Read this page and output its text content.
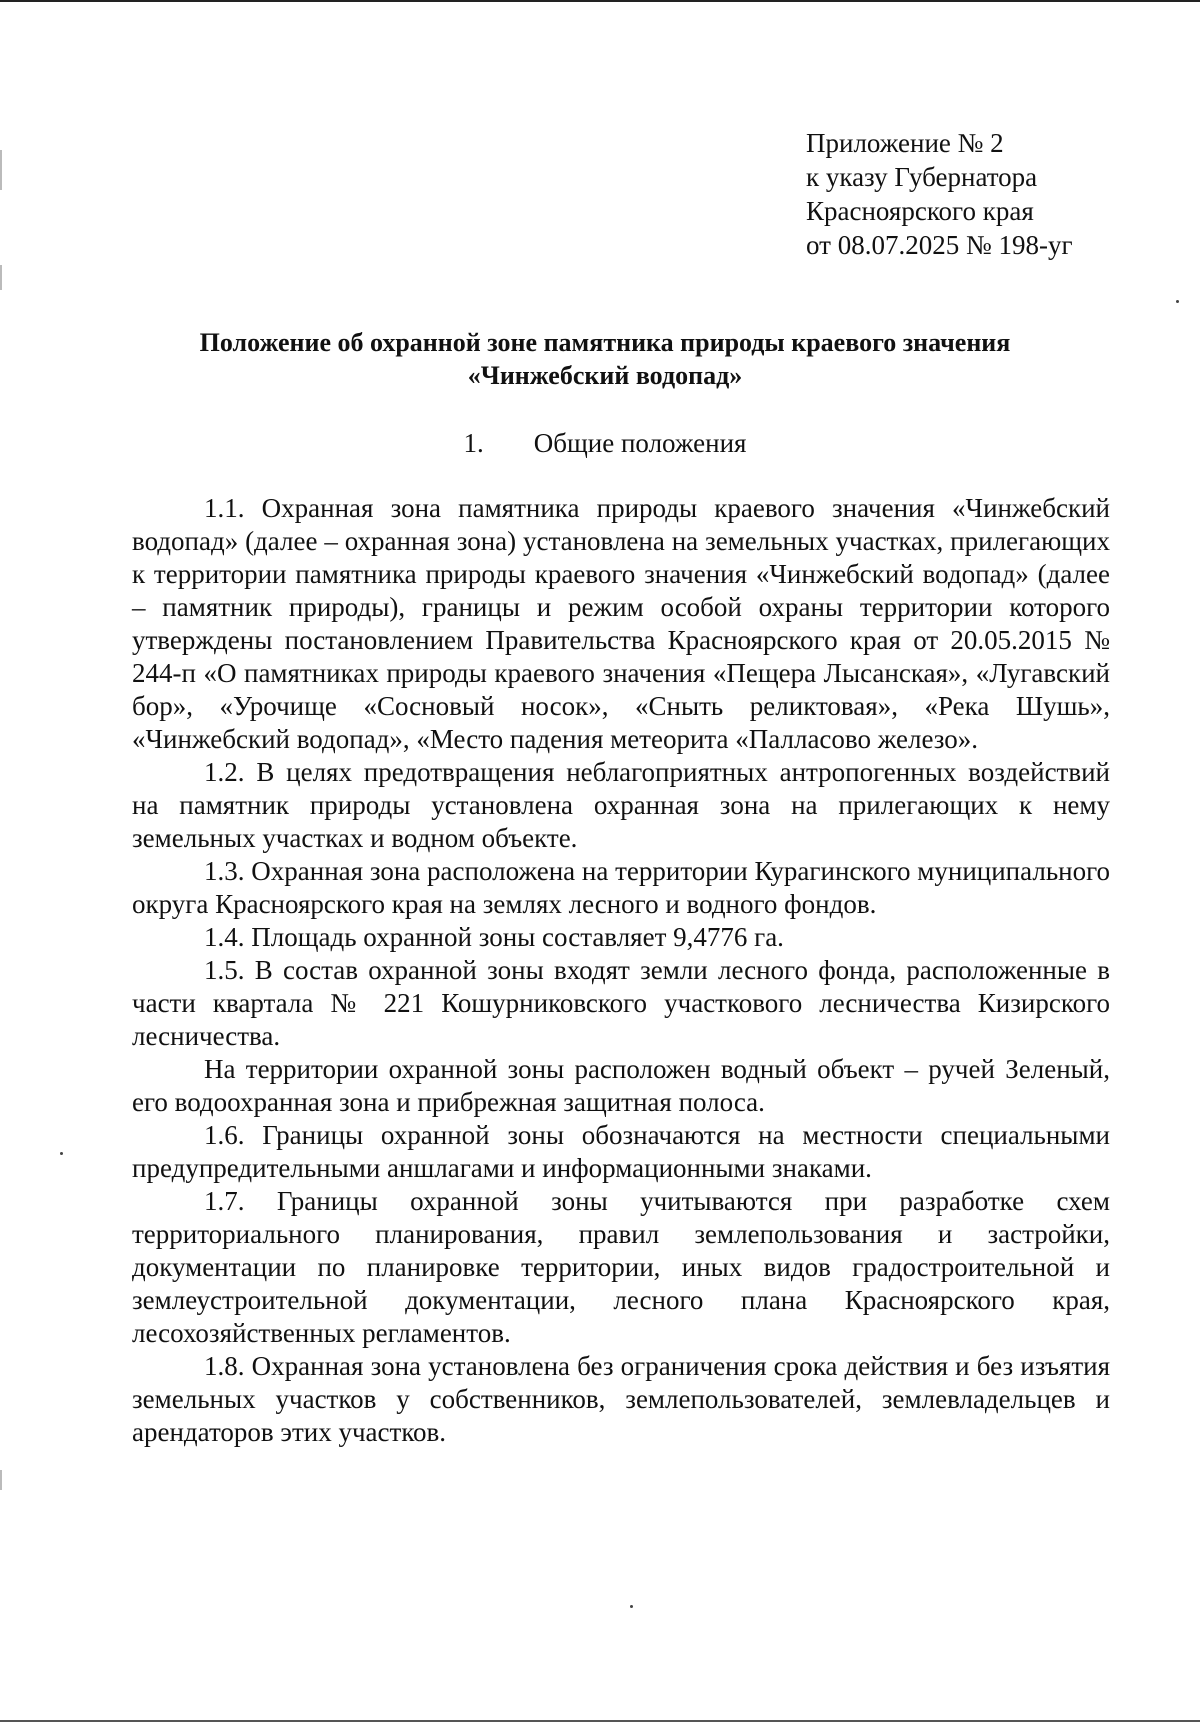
Приложение № 2
к указу Губернатора
Красноярского края
от 08.07.2025 № 198-уг
Положение об охранной зоне памятника природы краевого значения
«Чинжебский водопад»
1. Общие положения

1.1. Охранная зона памятника природы краевого значения «Чинжебский водопад» (далее – охранная зона) установлена на земельных участках, прилегающих к территории памятника природы краевого значения «Чинжебский водопад» (далее – памятник природы), границы и режим особой охраны территории которого утверждены постановлением Правительства Красноярского края от 20.05.2015 № 244-п «О памятниках природы краевого значения «Пещера Лысанская», «Лугавский бор», «Урочище «Сосновый носок», «Сныть реликтовая», «Река Шушь», «Чинжебский водопад», «Место падения метеорита «Палласово железо».

1.2. В целях предотвращения неблагоприятных антропогенных воздействий на памятник природы установлена охранная зона на прилегающих к нему земельных участках и водном объекте.

1.3. Охранная зона расположена на территории Курагинского муниципального округа Красноярского края на землях лесного и водного фондов.

1.4. Площадь охранной зоны составляет 9,4776 га.

1.5. В состав охранной зоны входят земли лесного фонда, расположенные в части квартала № 221 Кошурниковского участкового лесничества Кизирского лесничества.

На территории охранной зоны расположен водный объект – ручей Зеленый, его водоохранная зона и прибрежная защитная полоса.

1.6. Границы охранной зоны обозначаются на местности специальными предупредительными аншлагами и информационными знаками.

1.7. Границы охранной зоны учитываются при разработке схем территориального планирования, правил землепользования и застройки, документации по планировке территории, иных видов градостроительной и землеустроительной документации, лесного плана Красноярского края, лесохозяйственных регламентов.

1.8. Охранная зона установлена без ограничения срока действия и без изъятия земельных участков у собственников, землепользователей, землевладельцев и арендаторов этих участков.
